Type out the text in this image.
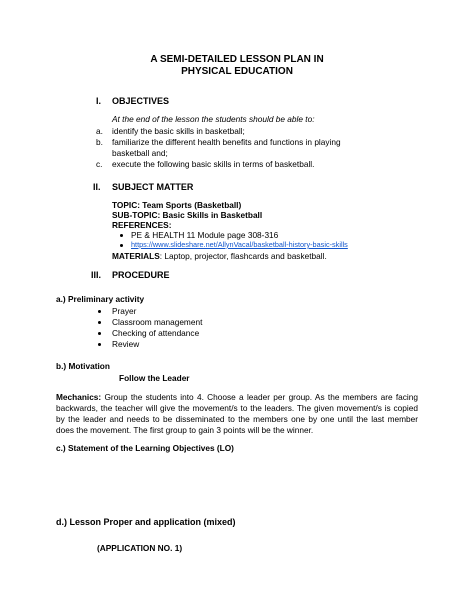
A SEMI-DETAILED LESSON PLAN IN
PHYSICAL EDUCATION
I. OBJECTIVES
At the end of the lesson the students should be able to:
a. identify the basic skills in basketball;
b. familiarize the different health benefits and functions in playing
basketball and;
c. execute the following basic skills in terms of basketball.
II. SUBJECT MATTER
TOPIC: Team Sports (Basketball)
SUB-TOPIC: Basic Skills in Basketball
REFERENCES:
PE & HEALTH 11 Module page 308-316
https://www.slideshare.net/AllynVacal/basketball-history-basic-skills
MATERIALS: Laptop, projector, flashcards and basketball.
III. PROCEDURE
a.) Preliminary activity
Prayer
Classroom management
Checking of attendance
Review
b.) Motivation
Follow the Leader
Mechanics: Group the students into 4. Choose a leader per group. As the members are facing backwards, the teacher will give the movement/s to the leaders. The given movement/s is copied by the leader and needs to be disseminated to the members one by one until the last member does the movement. The first group to gain 3 points will be the winner.
c.) Statement of the Learning Objectives (LO)
d.) Lesson Proper and application (mixed)
(APPLICATION NO. 1)
